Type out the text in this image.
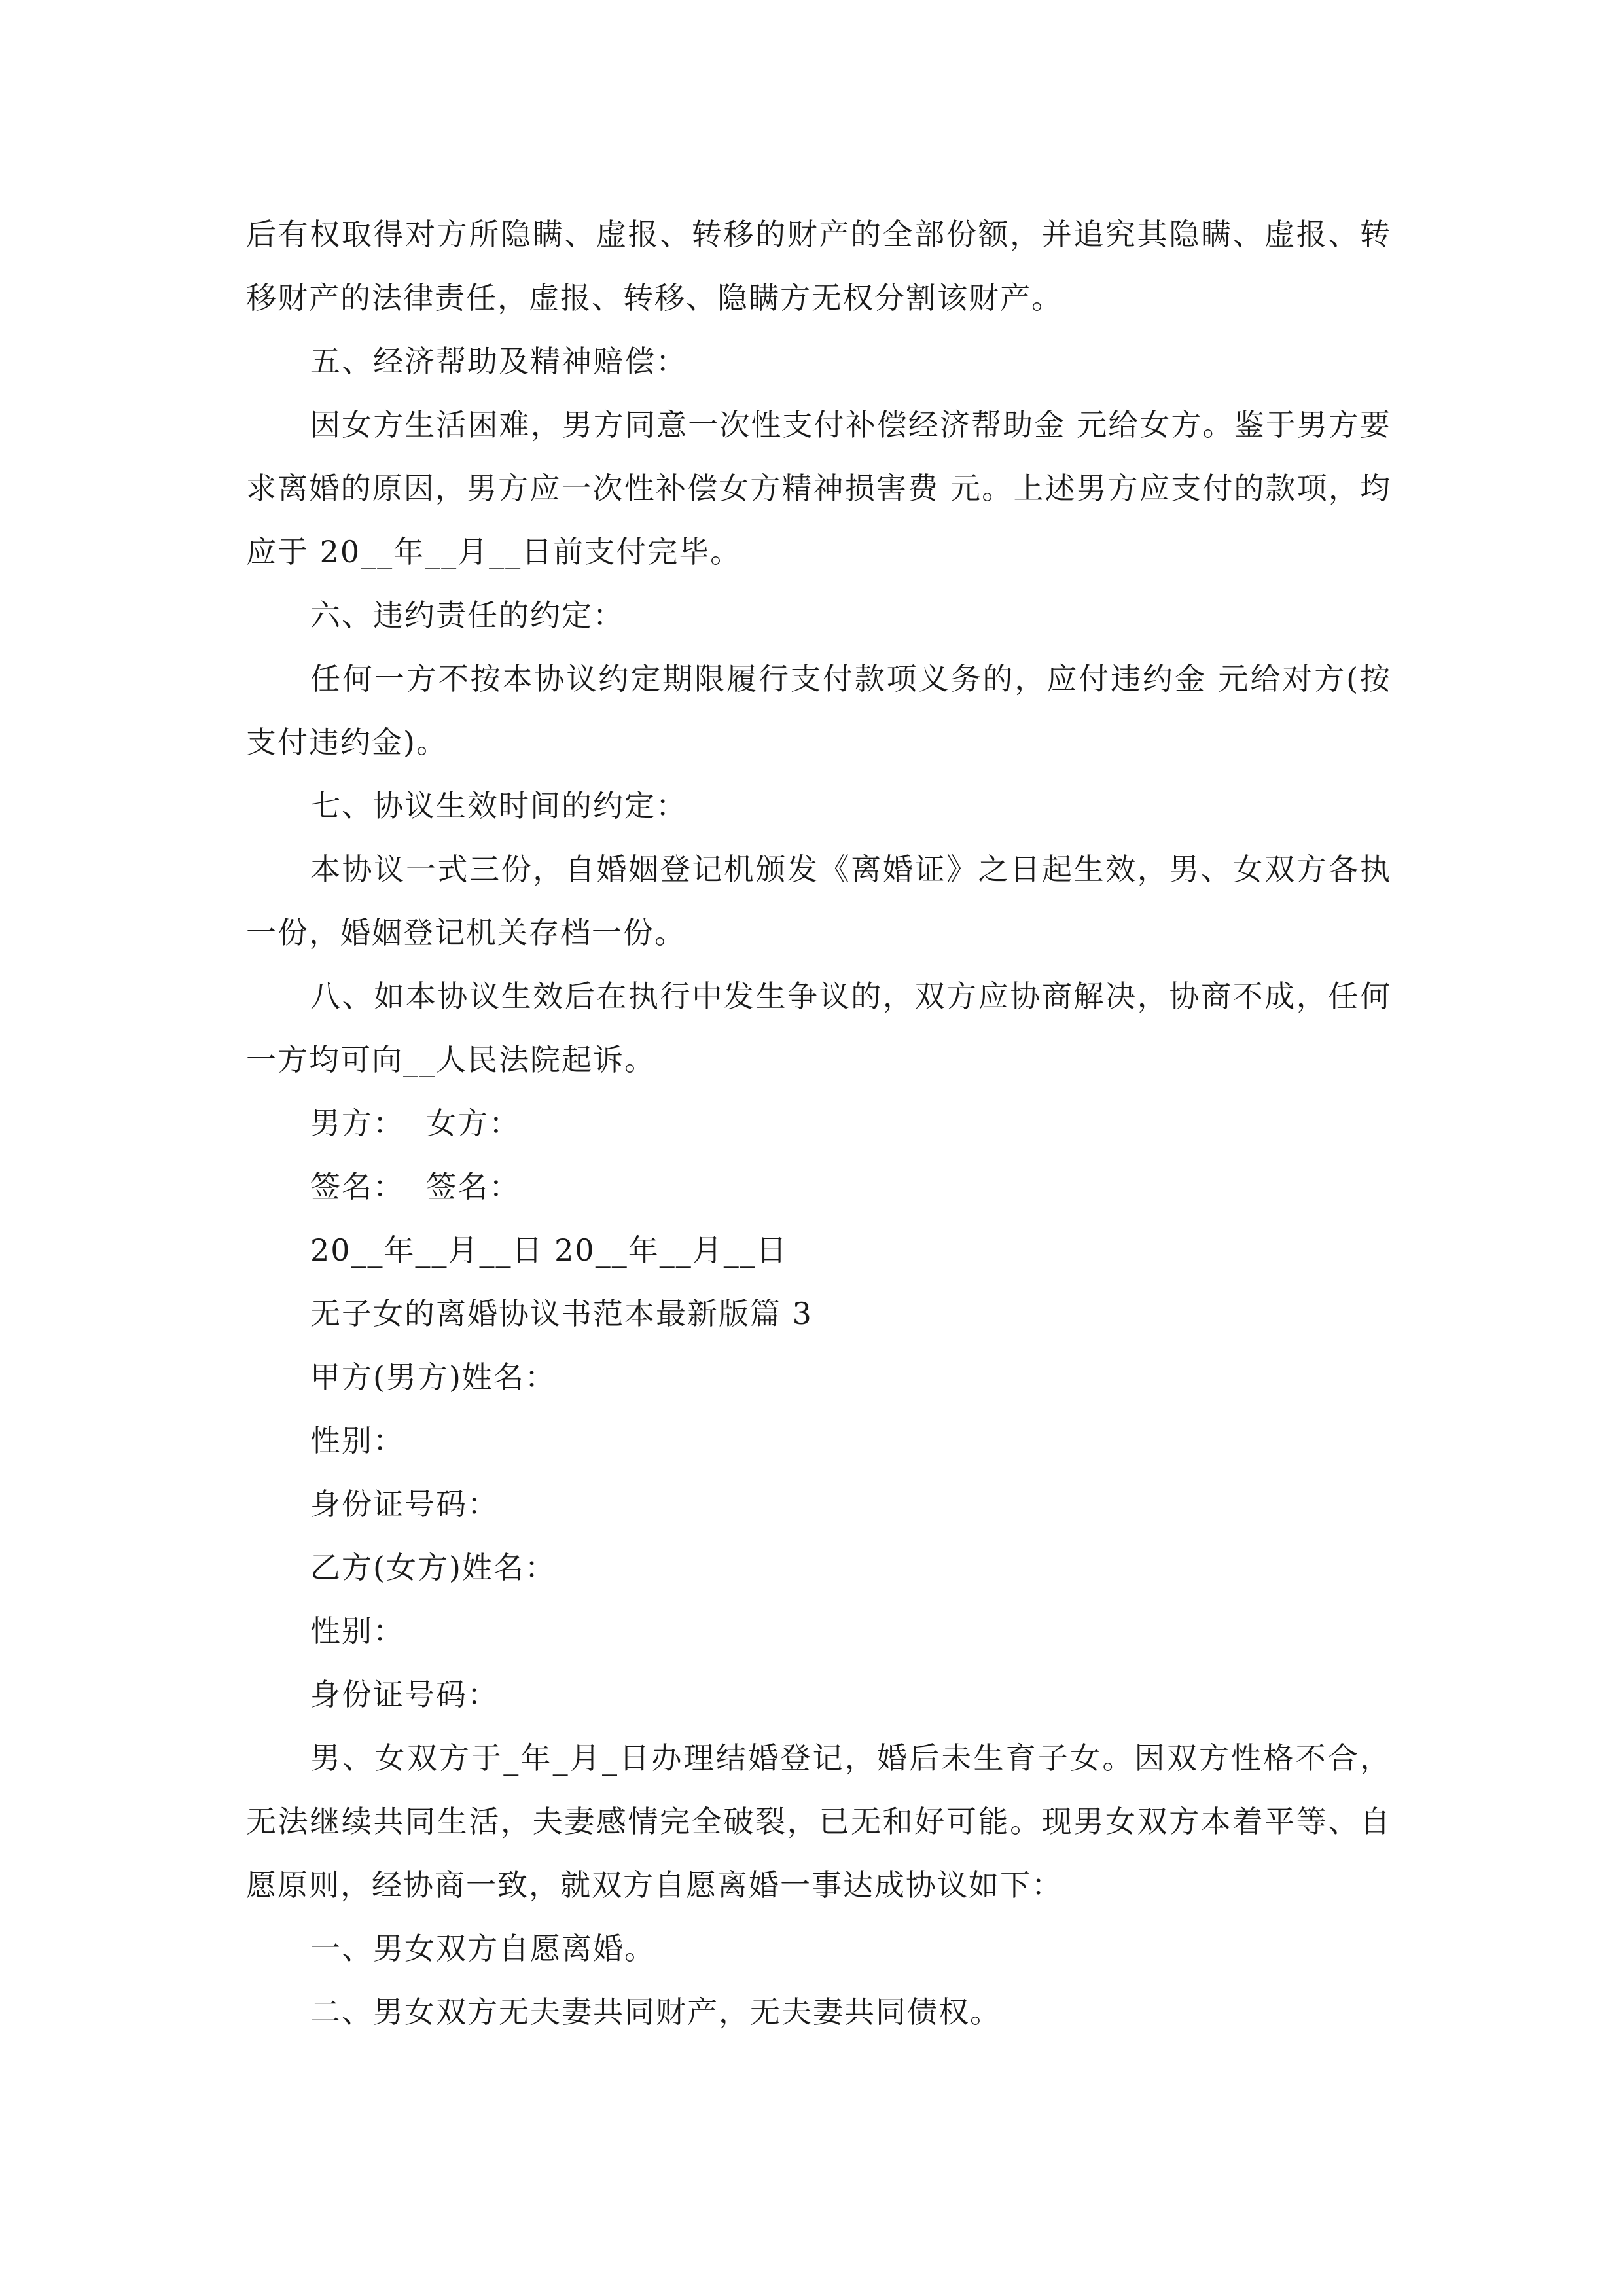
后有权取得对方所隐瞒、虚报、转移的财产的全部份额，并追究其隐瞒、虚报、转移财产的法律责任，虚报、转移、隐瞒方无权分割该财产。

五、经济帮助及精神赔偿：

因女方生活困难，男方同意一次性支付补偿经济帮助金 元给女方。鉴于男方要求离婚的原因，男方应一次性补偿女方精神损害费 元。上述男方应支付的款项，均应于 20__年__月__日前支付完毕。

六、违约责任的约定：

任何一方不按本协议约定期限履行支付款项义务的，应付违约金 元给对方(按 支付违约金)。

七、协议生效时间的约定：

本协议一式三份，自婚姻登记机颁发《离婚证》之日起生效，男、女双方各执一份，婚姻登记机关存档一份。

八、如本协议生效后在执行中发生争议的，双方应协商解决，协商不成，任何一方均可向__人民法院起诉。

男方：  女方：

签名：  签名：

20__年__月__日 20__年__月__日

无子女的离婚协议书范本最新版篇 3

甲方(男方)姓名：

性别：

身份证号码：

乙方(女方)姓名：

性别：

身份证号码：

男、女双方于_年_月_日办理结婚登记，婚后未生育子女。因双方性格不合，无法继续共同生活，夫妻感情完全破裂，已无和好可能。现男女双方本着平等、自愿原则，经协商一致，就双方自愿离婚一事达成协议如下：

一、男女双方自愿离婚。

二、男女双方无夫妻共同财产，无夫妻共同债权。
